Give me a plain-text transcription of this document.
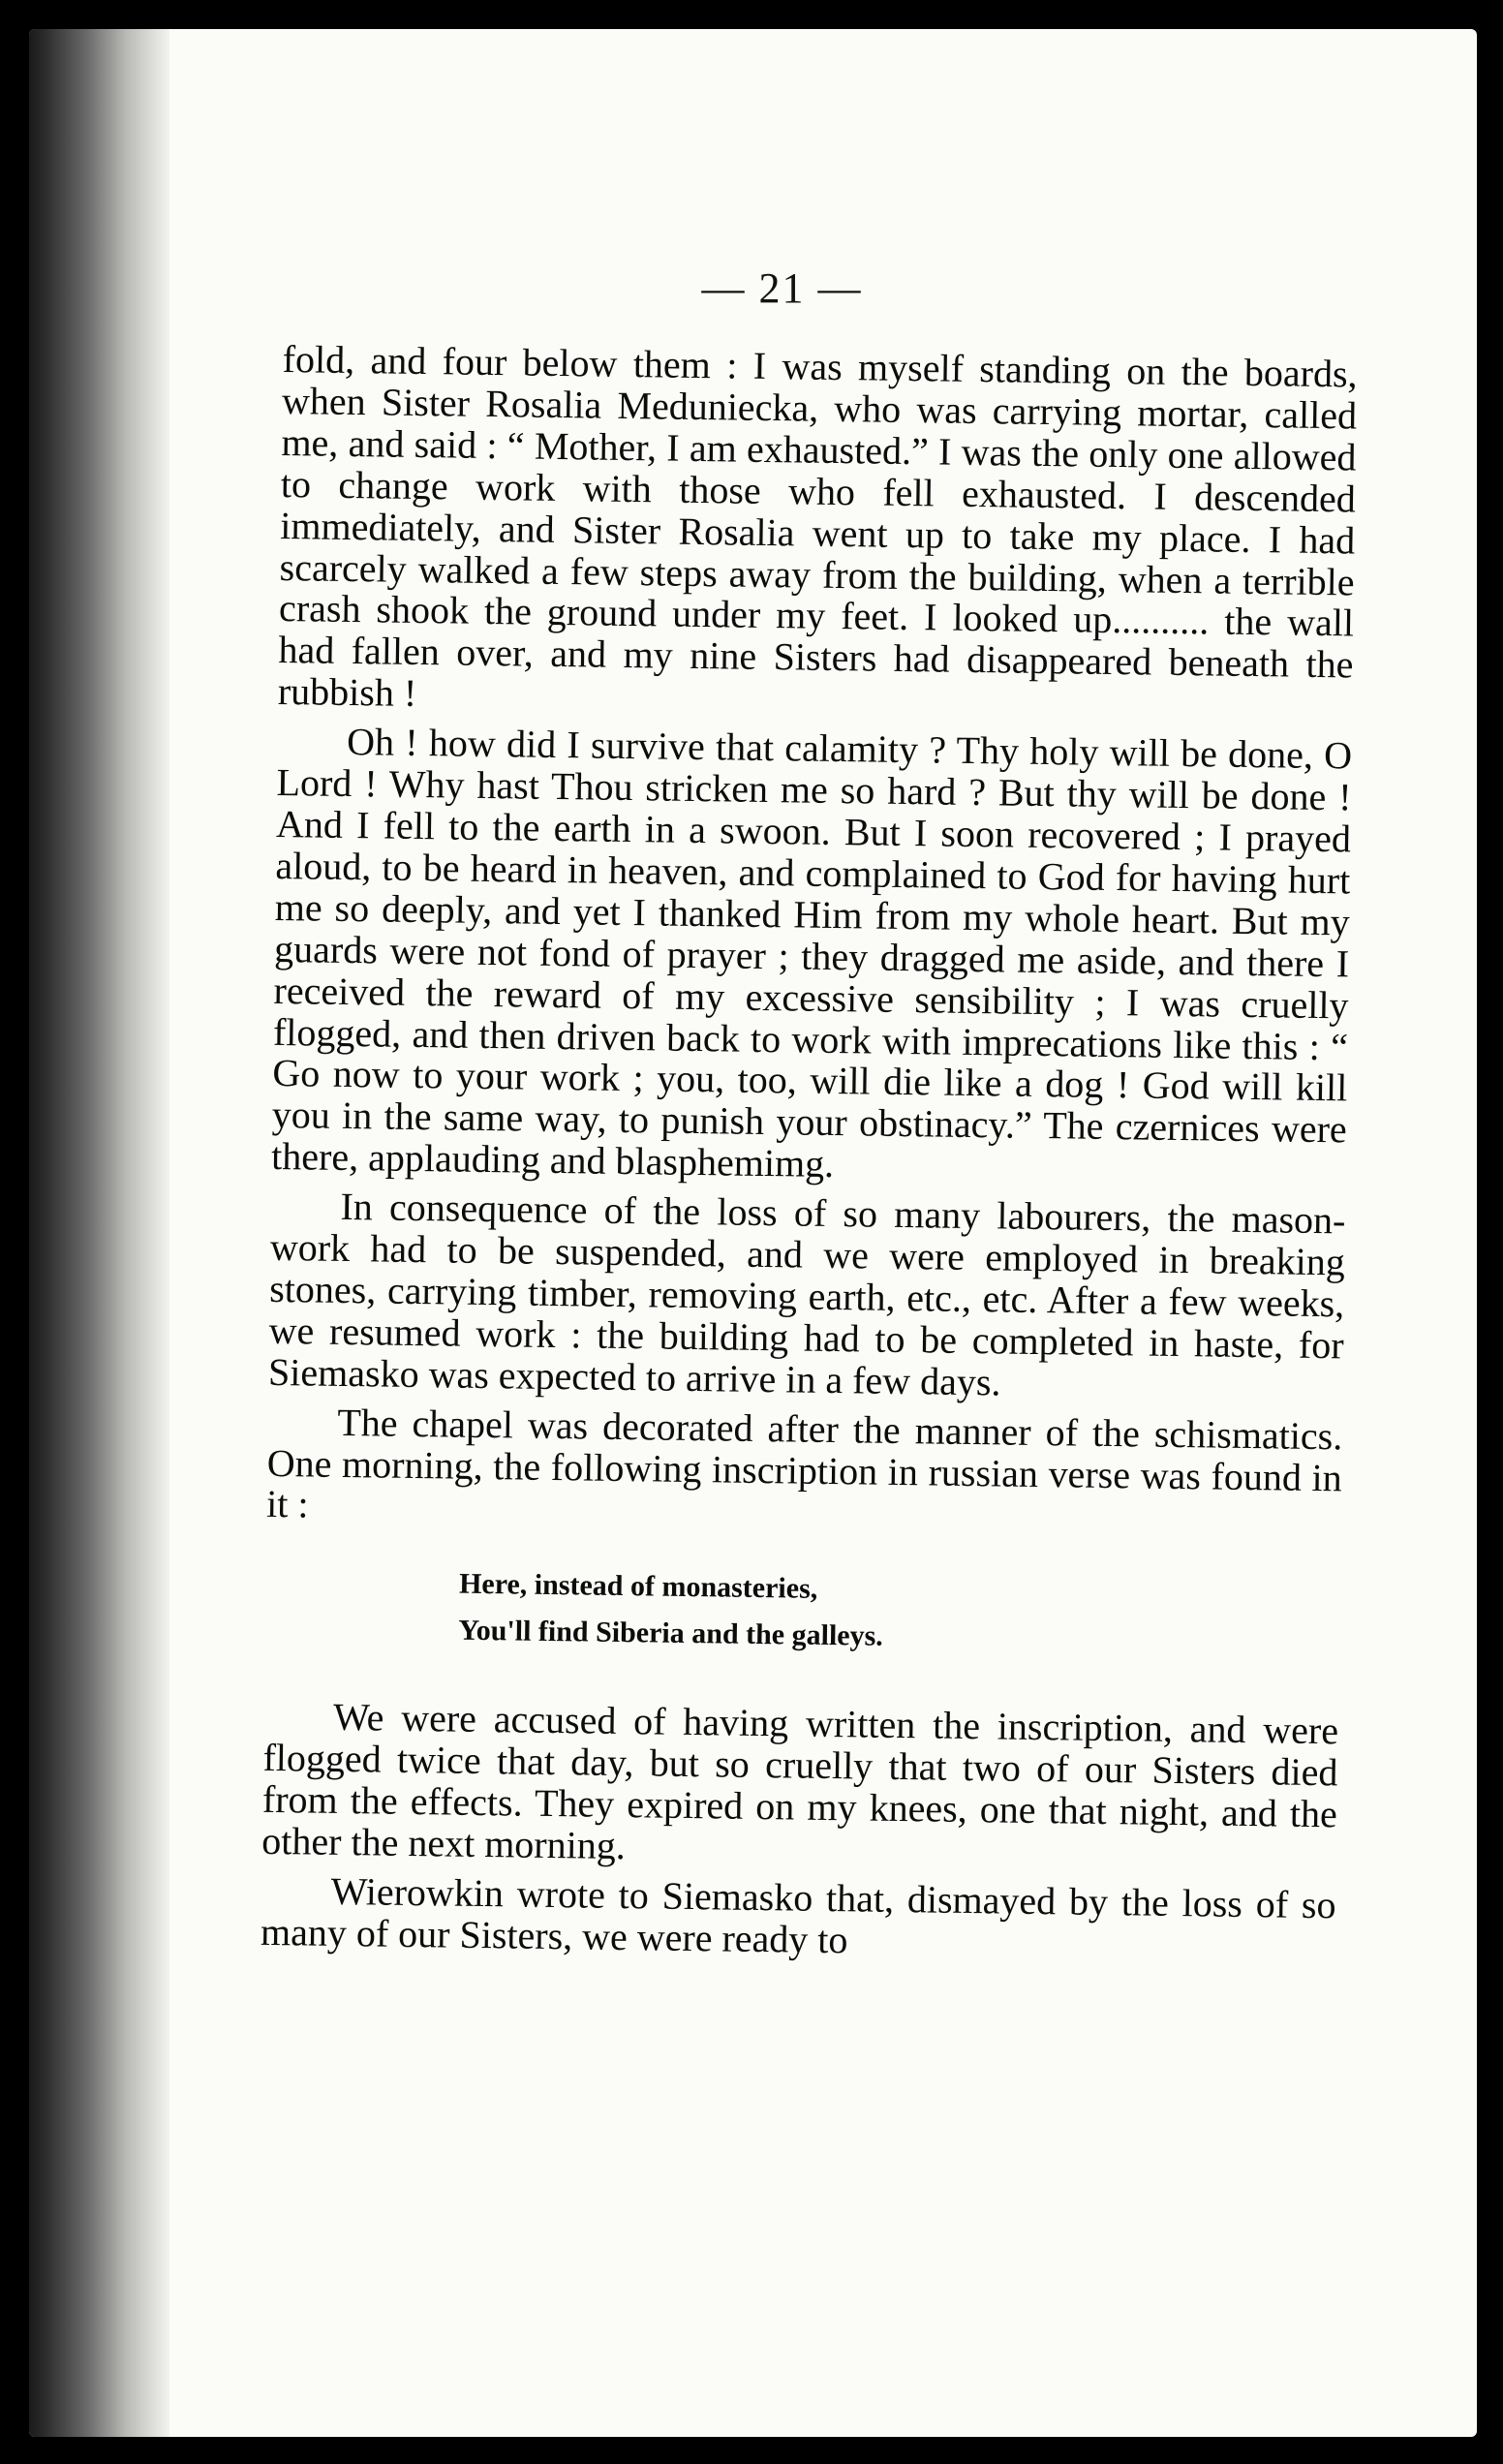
— 21 —

fold, and four below them : I was myself standing on the boards, when Sister Rosalia Meduniecka, who was carrying mortar, called me, and said : “ Mother, I am exhausted.” I was the only one allowed to change work with those who fell exhausted. I descended immediately, and Sister Rosalia went up to take my place. I had scarcely walked a few steps away from the building, when a terrible crash shook the ground under my feet. I looked up.......... the wall had fallen over, and my nine Sisters had disappeared beneath the rubbish !

Oh ! how did I survive that calamity ? Thy holy will be done, O Lord ! Why hast Thou stricken me so hard ? But thy will be done ! And I fell to the earth in a swoon. But I soon recovered ; I prayed aloud, to be heard in heaven, and complained to God for having hurt me so deeply, and yet I thanked Him from my whole heart. But my guards were not fond of prayer ; they dragged me aside, and there I received the reward of my excessive sensibility ; I was cruelly flogged, and then driven back to work with imprecations like this : “ Go now to your work ; you, too, will die like a dog ! God will kill you in the same way, to punish your obstinacy.” The czernices were there, applauding and blasphemimg.

In consequence of the loss of so many labourers, the mason-work had to be suspended, and we were employed in breaking stones, carrying timber, removing earth, etc., etc. After a few weeks, we resumed work : the building had to be completed in haste, for Siemasko was expected to arrive in a few days.

The chapel was decorated after the manner of the schismatics. One morning, the following inscription in russian verse was found in it :

Here, instead of monasteries,
You'll find Siberia and the galleys.

We were accused of having written the inscription, and were flogged twice that day, but so cruelly that two of our Sisters died from the effects. They expired on my knees, one that night, and the other the next morning.

Wierowkin wrote to Siemasko that, dismayed by the loss of so many of our Sisters, we were ready to
